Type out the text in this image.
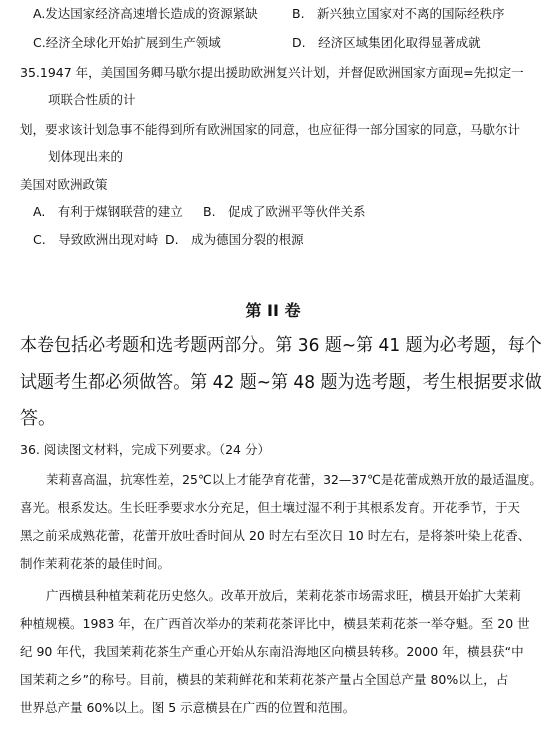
A.发达国家经济高速增长造成的资源紧缺	B.　新兴独立国家对不离的国际经秩序
C.经济全球化开始扩展到生产领域	D.　经济区域集团化取得显著成就
35.1947 年，美国国务卿马歇尔提出援助欧洲复兴计划，并督促欧洲国家方面现=先拟定一
项联合性质的计
划，要求该计划急事不能得到所有欧洲国家的同意，也应征得一部分国家的同意，马歇尔计
划体现出来的
美国对欧洲政策
A.　有利于煤钢联营的建立 B.　促成了欧洲平等伙伴关系
C.　导致欧洲出现对峙 D.　成为德国分裂的根源
第 II 卷
本卷包括必考题和选考题两部分。第 36 题~第 41 题为必考题，每个
试题考生都必须做答。第 42 题~第 48 题为选考题，考生根据要求做
答。
36. 阅读图文材料，完成下列要求。（24 分）
茉莉喜高温，抗寒性差，25℃以上才能孕育花蕾，32—37℃是花蕾成熟开放的最适温度。
喜光。根系发达。生长旺季要求水分充足，但土壤过湿不利于其根系发育。开花季节，于天
黑之前采成熟花蕾，花蕾开放吐香时间从 20 时左右至次日 10 时左右，是将茶叶染上花香、
制作茉莉花茶的最佳时间。
广西横县种植茉莉花历史悠久。改革开放后，茉莉花茶市场需求旺，横县开始扩大茉莉
种植规模。1983 年，在广西首次举办的茉莉花茶评比中，横县茉莉花茶一举夺魁。至 20 世
纪 90 年代，我国茉莉花茶生产重心开始从东南沿海地区向横县转移。2000 年，横县获“中
国茉莉之乡”的称号。目前，横县的茉莉鲜花和茉莉花茶产量占全国总产量 80%以上，占
世界总产量 60%以上。图 5 示意横县在广西的位置和范围。
